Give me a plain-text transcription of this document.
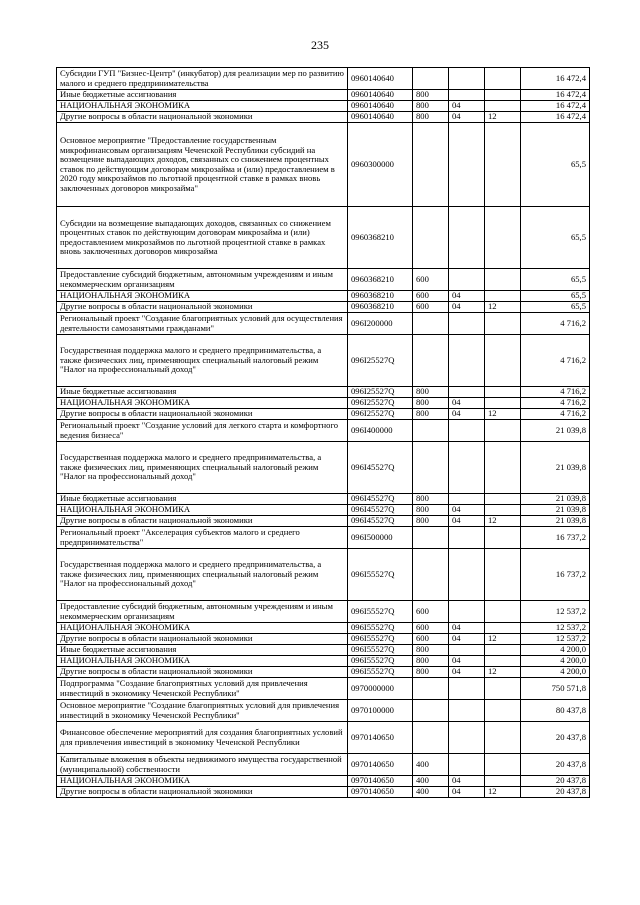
235
Субсидии ГУП "Бизнес-Центр" (инкубатор) для реализации мер по развитию малого и среднего предпринимательства	0960140640				16 472,4
Иные бюджетные ассигнования	0960140640	800			16 472,4
НАЦИОНАЛЬНАЯ ЭКОНОМИКА	0960140640	800	04		16 472,4
Другие вопросы в области национальной экономики	0960140640	800	04	12	16 472,4
Основное мероприятие "Предоставление государственным микрофинансовым организациям Чеченской Республики субсидий на возмещение выпадающих доходов, связанных со снижением процентных ставок по действующим договорам микрозайма и (или) предоставлением в 2020 году микрозаймов по льготной процентной ставке в рамках вновь заключенных договоров микрозайма"	0960300000				65,5
Субсидии на возмещение выпадающих доходов, связанных со снижением процентных ставок по действующим договорам микрозайма и (или) предоставлением микрозаймов по льготной процентной ставке в рамках вновь заключенных договоров микрозайма	0960368210				65,5
Предоставление субсидий бюджетным, автономным учреждениям и иным некоммерческим организациям	0960368210	600			65,5
НАЦИОНАЛЬНАЯ ЭКОНОМИКА	0960368210	600	04		65,5
Другие вопросы в области национальной экономики	0960368210	600	04	12	65,5
Региональный проект "Создание благоприятных условий для осуществления деятельности самозанятыми гражданами"	096I200000				4 716,2
Государственная поддержка малого и среднего предпринимательства, а также физических лиц, применяющих специальный налоговый режим "Налог на профессиональный доход"	096I25527Q				4 716,2
Иные бюджетные ассигнования	096I25527Q	800			4 716,2
НАЦИОНАЛЬНАЯ ЭКОНОМИКА	096I25527Q	800	04		4 716,2
Другие вопросы в области национальной экономики	096I25527Q	800	04	12	4 716,2
Региональный проект "Создание условий для легкого старта и комфортного ведения бизнеса"	096I400000				21 039,8
Государственная поддержка малого и среднего предпринимательства, а также физических лиц, применяющих специальный налоговый режим "Налог на профессиональный доход"	096I45527Q				21 039,8
Иные бюджетные ассигнования	096I45527Q	800			21 039,8
НАЦИОНАЛЬНАЯ ЭКОНОМИКА	096I45527Q	800	04		21 039,8
Другие вопросы в области национальной экономики	096I45527Q	800	04	12	21 039,8
Региональный проект "Акселерация субъектов малого и среднего предпринимательства"	096I500000				16 737,2
Государственная поддержка малого и среднего предпринимательства, а также физических лиц, применяющих специальный налоговый режим "Налог на профессиональный доход"	096I55527Q				16 737,2
Предоставление субсидий бюджетным, автономным учреждениям и иным некоммерческим организациям	096I55527Q	600			12 537,2
НАЦИОНАЛЬНАЯ ЭКОНОМИКА	096I55527Q	600	04		12 537,2
Другие вопросы в области национальной экономики	096I55527Q	600	04	12	12 537,2
Иные бюджетные ассигнования	096I55527Q	800			4 200,0
НАЦИОНАЛЬНАЯ ЭКОНОМИКА	096I55527Q	800	04		4 200,0
Другие вопросы в области национальной экономики	096I55527Q	800	04	12	4 200,0
Подпрограмма "Создание благоприятных условий для привлечения инвестиций в экономику Чеченской Республики"	0970000000				750 571,8
Основное мероприятие "Создание благоприятных условий для привлечения инвестиций в экономику Чеченской Республики"	0970100000				80 437,8
Финансовое обеспечение мероприятий для создания благоприятных условий для привлечения инвестиций в экономику Чеченской Республики	0970140650				20 437,8
Капитальные вложения в объекты недвижимого имущества государственной (муниципальной) собственности	0970140650	400			20 437,8
НАЦИОНАЛЬНАЯ ЭКОНОМИКА	0970140650	400	04		20 437,8
Другие вопросы в области национальной экономики	0970140650	400	04	12	20 437,8
